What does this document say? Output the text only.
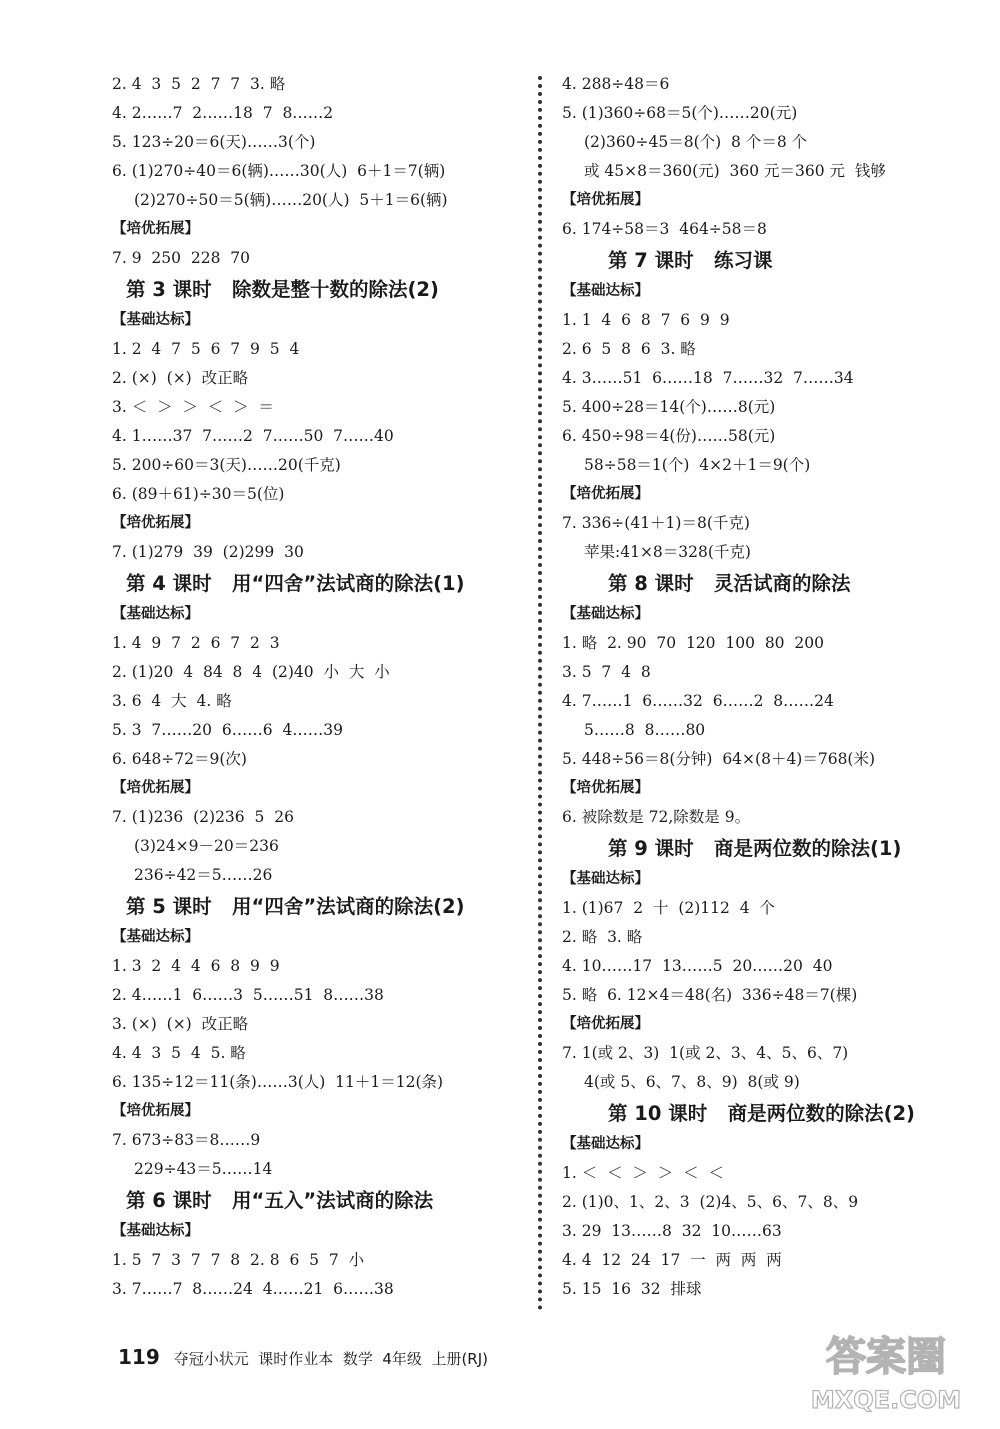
2. 4  3  5  2  7  7  3. 略
4. 2……7  2……18  7  8……2
5. 123÷20＝6(天)……3(个)
6. (1)270÷40＝6(辆)……30(人)  6＋1＝7(辆)
(2)270÷50＝5(辆)……20(人)  5＋1＝6(辆)
【培优拓展】
7. 9  250  228  70
第 3 课时   除数是整十数的除法(2)
【基础达标】
1. 2  4  7  5  6  7  9  5  4
2. (×)  (×)  改正略
3. ＜  ＞  ＞  ＜  ＞  ＝
4. 1……37  7……2  7……50  7……40
5. 200÷60＝3(天)……20(千克)
6. (89＋61)÷30＝5(位)
【培优拓展】
7. (1)279  39  (2)299  30
第 4 课时   用“四舍”法试商的除法(1)
【基础达标】
1. 4  9  7  2  6  7  2  3
2. (1)20  4  84  8  4  (2)40  小  大  小
3. 6  4  大  4. 略
5. 3  7……20  6……6  4……39
6. 648÷72＝9(次)
【培优拓展】
7. (1)236  (2)236  5  26
(3)24×9－20＝236
236÷42＝5……26
第 5 课时   用“四舍”法试商的除法(2)
【基础达标】
1. 3  2  4  4  6  8  9  9
2. 4……1  6……3  5……51  8……38
3. (×)  (×)  改正略
4. 4  3  5  4  5. 略
6. 135÷12＝11(条)……3(人)  11＋1＝12(条)
【培优拓展】
7. 673÷83＝8……9
229÷43＝5……14
第 6 课时   用“五入”法试商的除法
【基础达标】
1. 5  7  3  7  7  8  2. 8  6  5  7  小
3. 7……7  8……24  4……21  6……38
4. 288÷48＝6
5. (1)360÷68＝5(个)……20(元)
(2)360÷45＝8(个)  8 个＝8 个
或 45×8＝360(元)  360 元＝360 元  钱够
【培优拓展】
6. 174÷58＝3  464÷58＝8
第 7 课时   练习课
【基础达标】
1. 1  4  6  8  7  6  9  9
2. 6  5  8  6  3. 略
4. 3……51  6……18  7……32  7……34
5. 400÷28＝14(个)……8(元)
6. 450÷98＝4(份)……58(元)
58÷58＝1(个)  4×2＋1＝9(个)
【培优拓展】
7. 336÷(41＋1)＝8(千克)
苹果:41×8＝328(千克)
第 8 课时   灵活试商的除法
【基础达标】
1. 略  2. 90  70  120  100  80  200
3. 5  7  4  8
4. 7……1  6……32  6……2  8……24
5……8  8……80
5. 448÷56＝8(分钟)  64×(8＋4)＝768(米)
【培优拓展】
6. 被除数是 72,除数是 9。
第 9 课时   商是两位数的除法(1)
【基础达标】
1. (1)67  2  十  (2)112  4  个
2. 略  3. 略
4. 10……17  13……5  20……20  40
5. 略  6. 12×4＝48(名)  336÷48＝7(棵)
【培优拓展】
7. 1(或 2、3)  1(或 2、3、4、5、6、7)
4(或 5、6、7、8、9)  8(或 9)
第 10 课时   商是两位数的除法(2)
【基础达标】
1. ＜  ＜  ＞  ＞  ＜  ＜
2. (1)0、1、2、3  (2)4、5、6、7、8、9
3. 29  13……8  32  10……63
4. 4  12  24  17  一  两  两  两
5. 15  16  32  排球
119 夺冠小状元  课时作业本  数学  4年级  上册(RJ)	答案圈
MXQE.COM
